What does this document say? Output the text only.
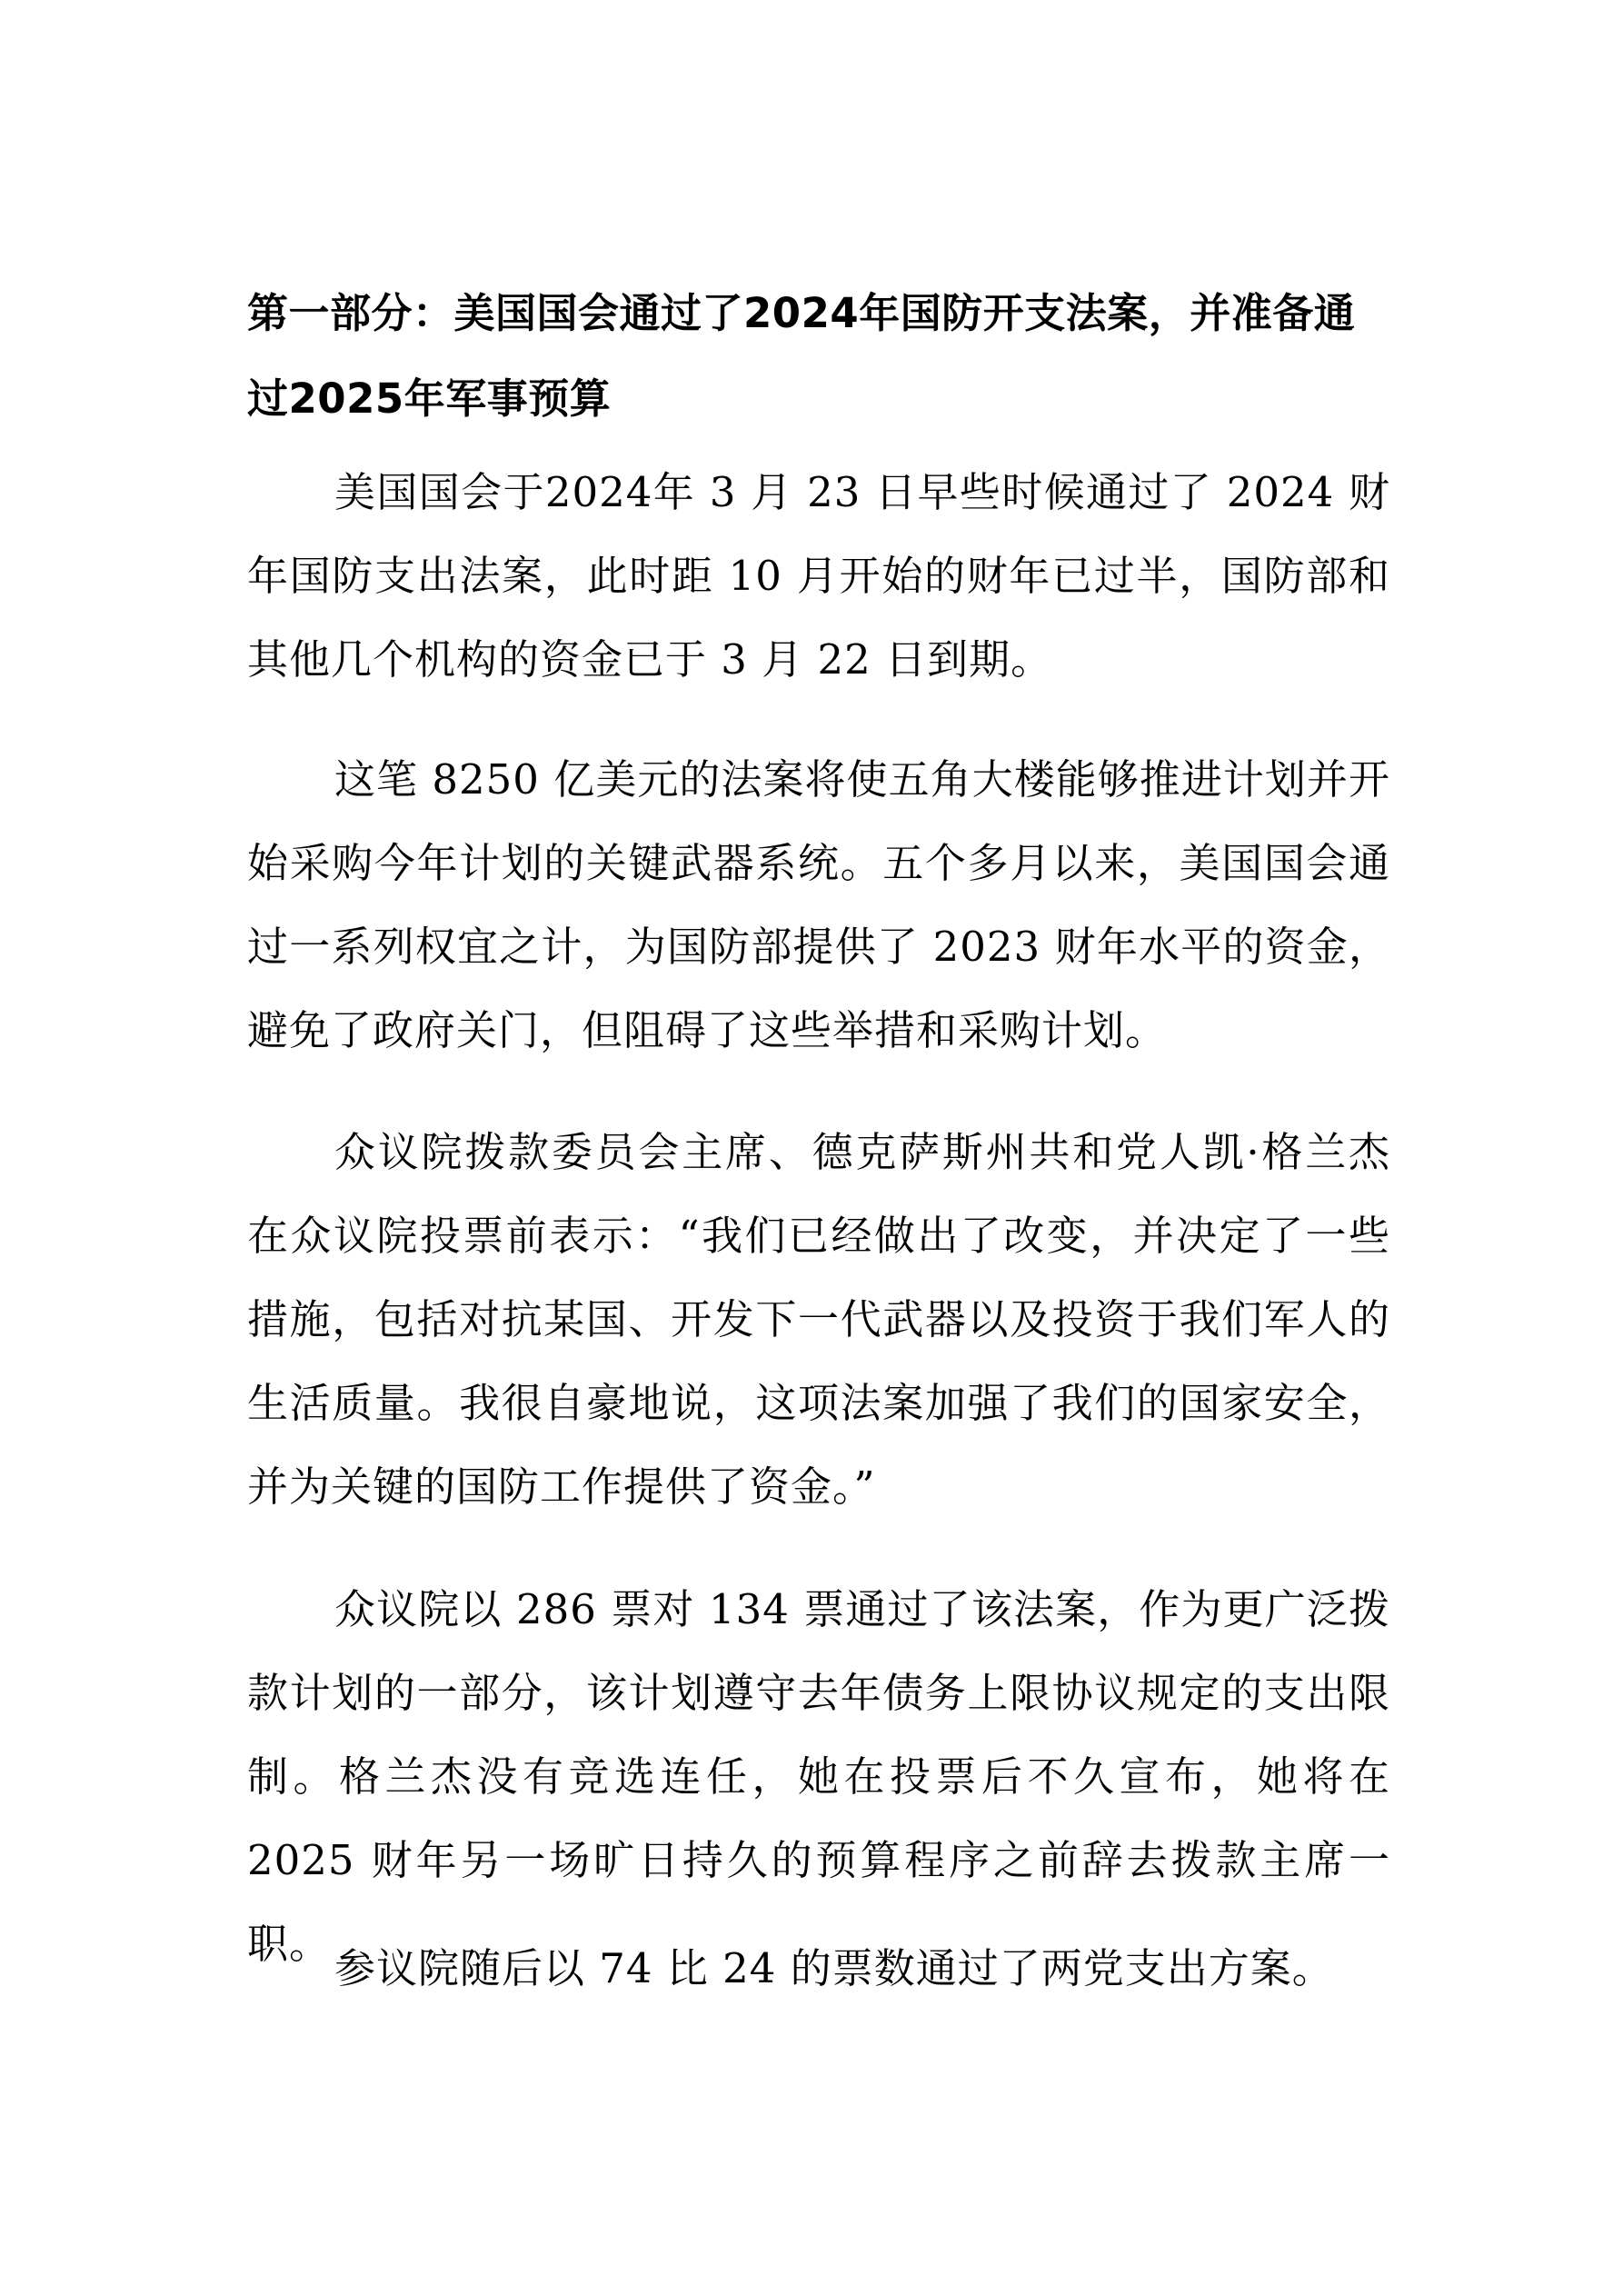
第一部分：美国国会通过了2024年国防开支法案，并准备通过2025年军事预算

美国国会于2024年 3 月 23 日早些时候通过了 2024 财年国防支出法案，此时距 10 月开始的财年已过半，国防部和其他几个机构的资金已于 3 月 22 日到期。

这笔 8250 亿美元的法案将使五角大楼能够推进计划并开始采购今年计划的关键武器系统。五个多月以来，美国国会通过一系列权宜之计，为国防部提供了 2023 财年水平的资金，避免了政府关门，但阻碍了这些举措和采购计划。

众议院拨款委员会主席、德克萨斯州共和党人凯·格兰杰在众议院投票前表示：“我们已经做出了改变，并决定了一些措施，包括对抗某国、开发下一代武器以及投资于我们军人的生活质量。我很自豪地说，这项法案加强了我们的国家安全，并为关键的国防工作提供了资金。”

众议院以 286 票对 134 票通过了该法案，作为更广泛拨款计划的一部分，该计划遵守去年债务上限协议规定的支出限制。格兰杰没有竞选连任，她在投票后不久宣布，她将在 2025 财年另一场旷日持久的预算程序之前辞去拨款主席一职。

参议院随后以 74 比 24 的票数通过了两党支出方案。
